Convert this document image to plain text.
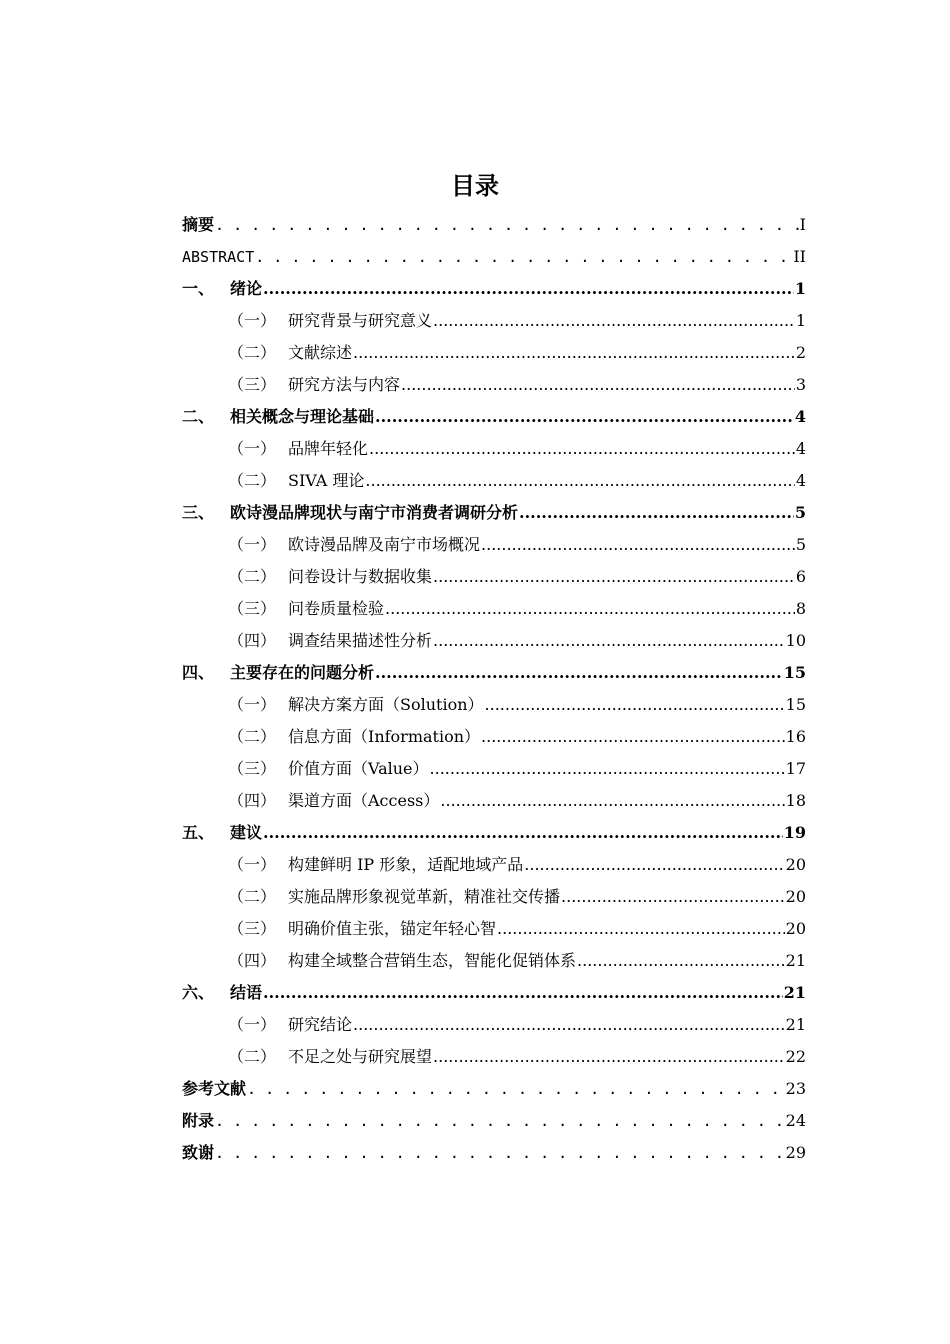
目录
摘要 . . .	I
ABSTRACT . . .	II
一、 绪论 .....	1
（一） 研究背景与研究意义 .....	1
（二） 文献综述 .....	2
（三） 研究方法与内容 .....	3
二、 相关概念与理论基础 .....	4
（一） 品牌年轻化 .....	4
（二） SIVA 理论 .....	4
三、 欧诗漫品牌现状与南宁市消费者调研分析 .....	5
（一） 欧诗漫品牌及南宁市场概况 .....	5
（二） 问卷设计与数据收集 .....	6
（三） 问卷质量检验 .....	8
（四） 调查结果描述性分析 .....	10
四、 主要存在的问题分析 .....	15
（一） 解决方案方面（Solution） .....	15
（二） 信息方面（Information） .....	16
（三） 价值方面（Value） .....	17
（四） 渠道方面（Access） .....	18
五、 建议 .....	19
（一） 构建鲜明 IP 形象，适配地域产品 .....	20
（二） 实施品牌形象视觉革新，精准社交传播 .....	20
（三） 明确价值主张，锚定年轻心智 .....	20
（四） 构建全域整合营销生态，智能化促销体系 .....	21
六、 结语 .....	21
（一） 研究结论 .....	21
（二） 不足之处与研究展望 .....	22
参考文献 . . .	23
附录 . . .	24
致谢 . . .	29
